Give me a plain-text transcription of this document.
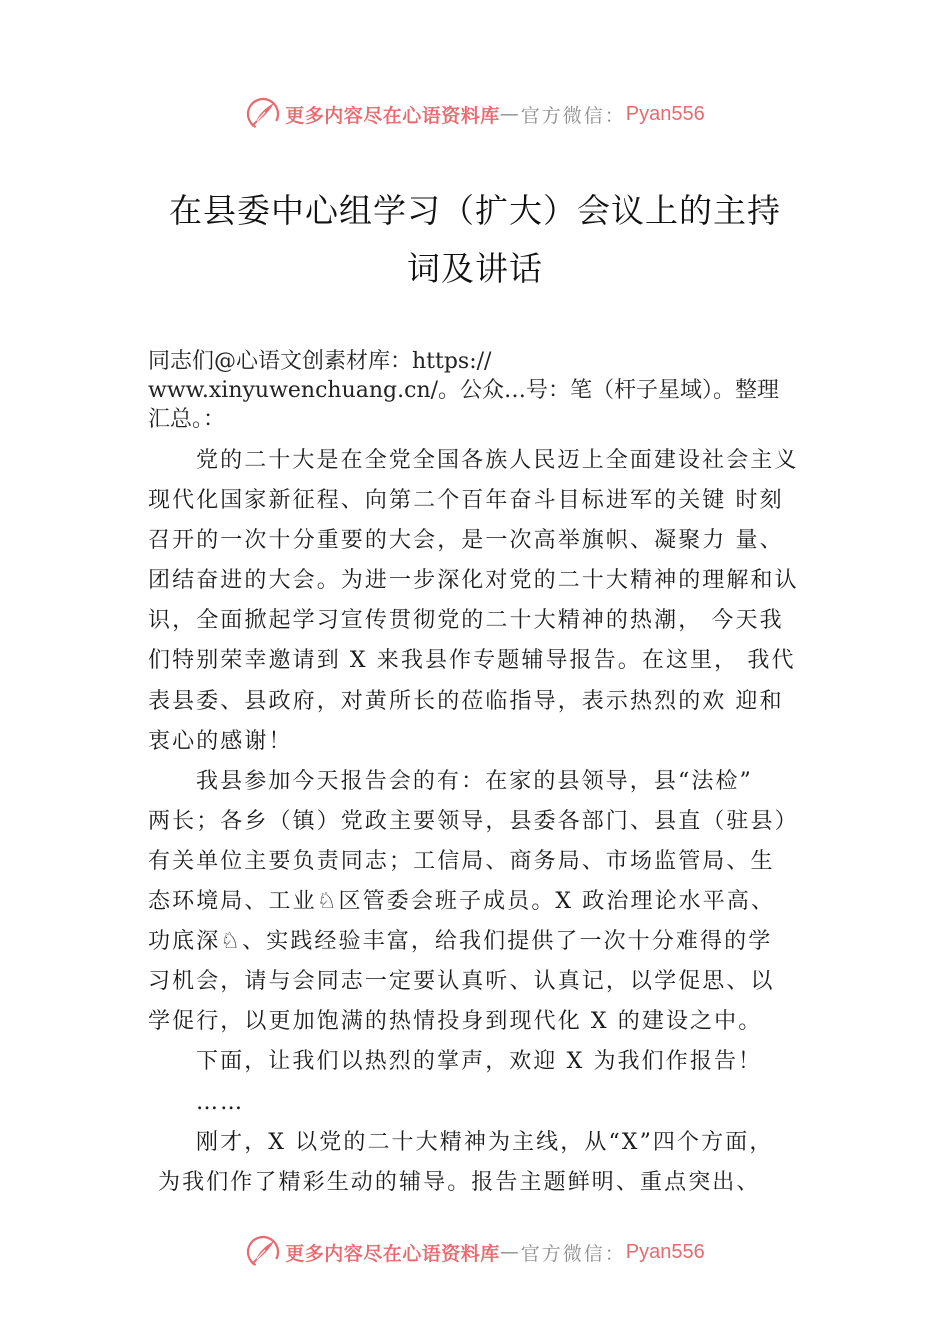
更多内容尽在心语资料库 — 官方微信： Pyan556
在县委中心组学习（扩大）会议上的主持
词及讲话
同志们@心语文创素材库：https://
www.xinyuwenchuang.cn/。公众…号：笔（杆子星域）。整理
汇总。：
党的二十大是在全党全国各族人民迈上全面建设社会主义
现代化国家新征程、向第二个百年奋斗目标进军的关键 时刻
召开的一次十分重要的大会，是一次高举旗帜、凝聚力 量、
团结奋进的大会。为进一步深化对党的二十大精神的理解和认
识，全面掀起学习宣传贯彻党的二十大精神的热潮， 今天我
们特别荣幸邀请到 X 来我县作专题辅导报告。在这里， 我代
表县委、县政府，对黄所长的莅临指导，表示热烈的欢 迎和
衷心的感谢！
我县参加今天报告会的有：在家的县领导，县“法检”
两长；各乡（镇）党政主要领导，县委各部门、县直（驻县）
有关单位主要负责同志；工信局、商务局、市场监管局、生
态环境局、工业♘区管委会班子成员。X 政治理论水平高、
功底深♘、实践经验丰富，给我们提供了一次十分难得的学
习机会，请与会同志一定要认真听、认真记，以学促思、以
学促行，以更加饱满的热情投身到现代化 X 的建设之中。
下面，让我们以热烈的掌声，欢迎 X 为我们作报告！
……
刚才，X 以党的二十大精神为主线，从“X”四个方面，
为我们作了精彩生动的辅导。报告主题鲜明、重点突出、
更多内容尽在心语资料库 — 官方微信： Pyan556
